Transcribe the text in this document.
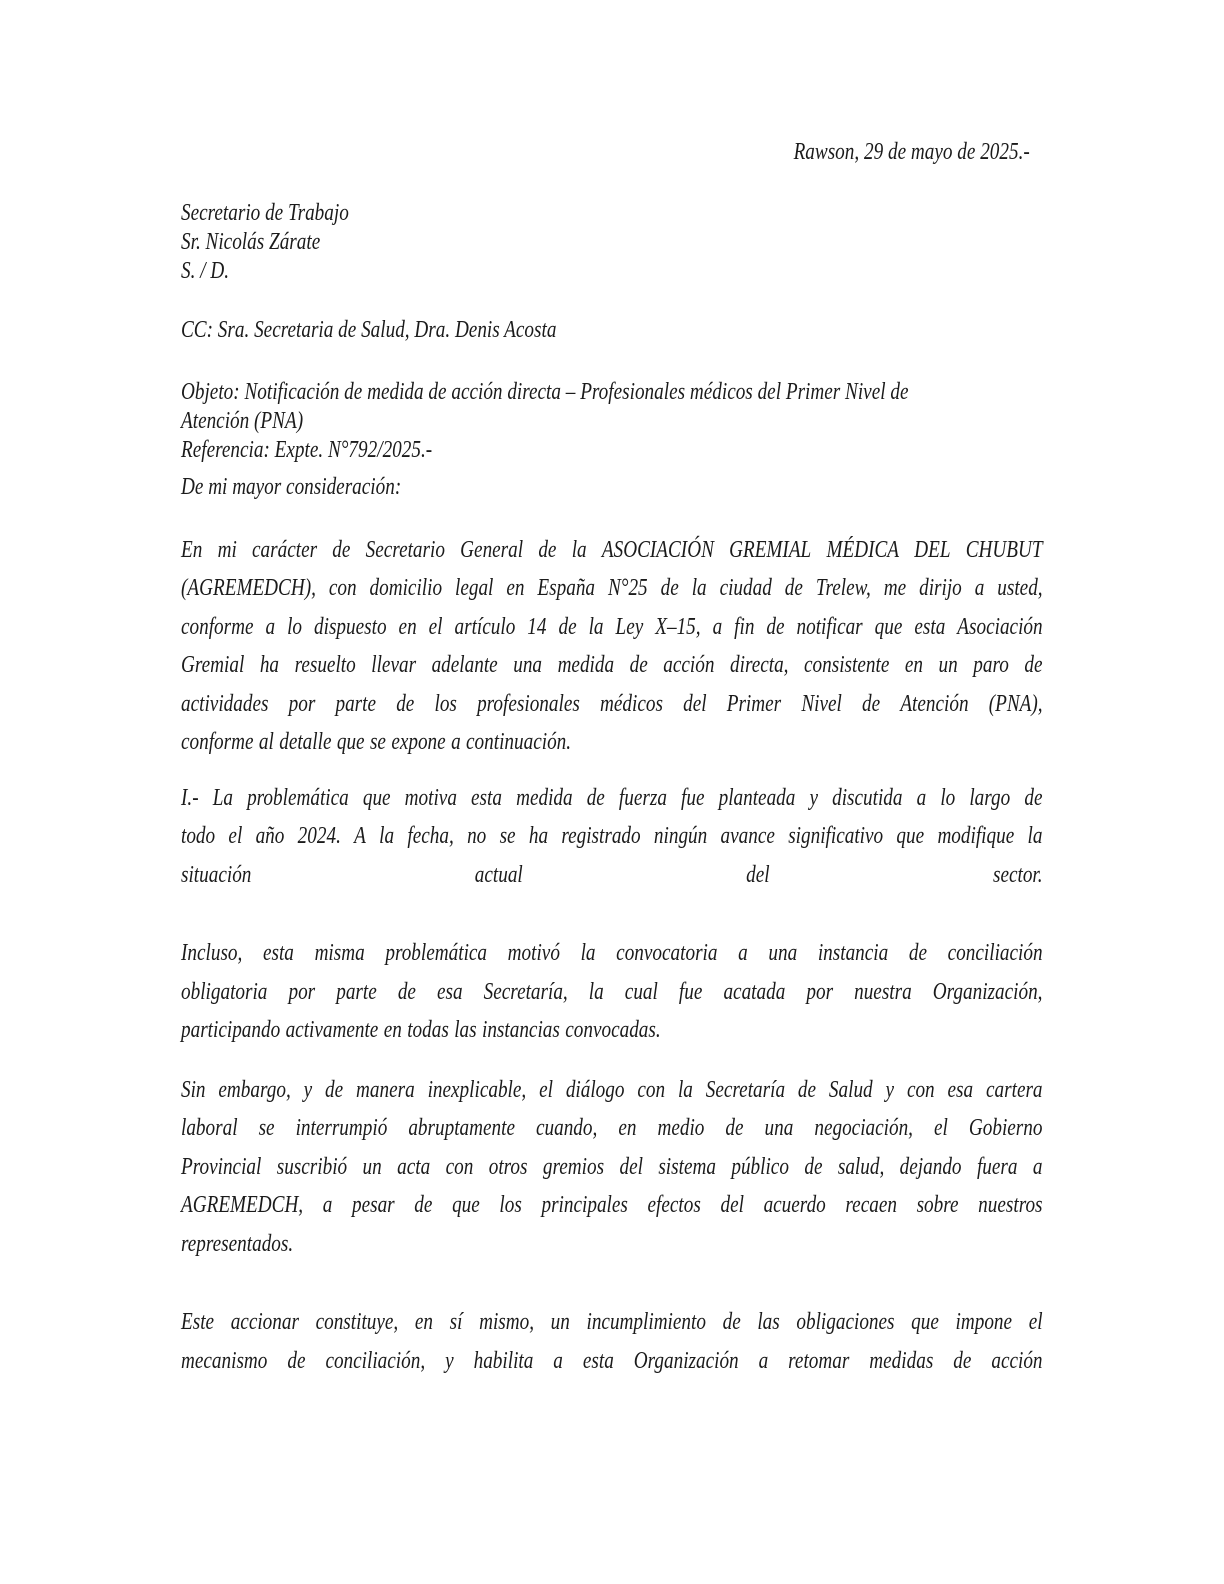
Rawson, 29 de mayo de 2025.-
Secretario de Trabajo
Sr. Nicolás Zárate
S. / D.
CC: Sra. Secretaria de Salud, Dra. Denis Acosta
Objeto: Notificación de medida de acción directa – Profesionales médicos del Primer Nivel de
Atención (PNA)
Referencia: Expte. N°792/2025.-
De mi mayor consideración:
En mi carácter de Secretario General de la ASOCIACIÓN GREMIAL MÉDICA DEL CHUBUT
(AGREMEDCH), con domicilio legal en España N°25 de la ciudad de Trelew, me dirijo a usted,
conforme a lo dispuesto en el artículo 14 de la Ley X–15, a fin de notificar que esta Asociación
Gremial ha resuelto llevar adelante una medida de acción directa, consistente en un paro de
actividades por parte de los profesionales médicos del Primer Nivel de Atención (PNA),
conforme al detalle que se expone a continuación.
I.- La problemática que motiva esta medida de fuerza fue planteada y discutida a lo largo de
todo el año 2024. A la fecha, no se ha registrado ningún avance significativo que modifique la
situación	actual	del	sector.
Incluso, esta misma problemática motivó la convocatoria a una instancia de conciliación
obligatoria por parte de esa Secretaría, la cual fue acatada por nuestra Organización,
participando activamente en todas las instancias convocadas.
Sin embargo, y de manera inexplicable, el diálogo con la Secretaría de Salud y con esa cartera
laboral se interrumpió abruptamente cuando, en medio de una negociación, el Gobierno
Provincial suscribió un acta con otros gremios del sistema público de salud, dejando fuera a
AGREMEDCH, a pesar de que los principales efectos del acuerdo recaen sobre nuestros
representados.
Este accionar constituye, en sí mismo, un incumplimiento de las obligaciones que impone el
mecanismo de conciliación, y habilita a esta Organización a retomar medidas de acción
